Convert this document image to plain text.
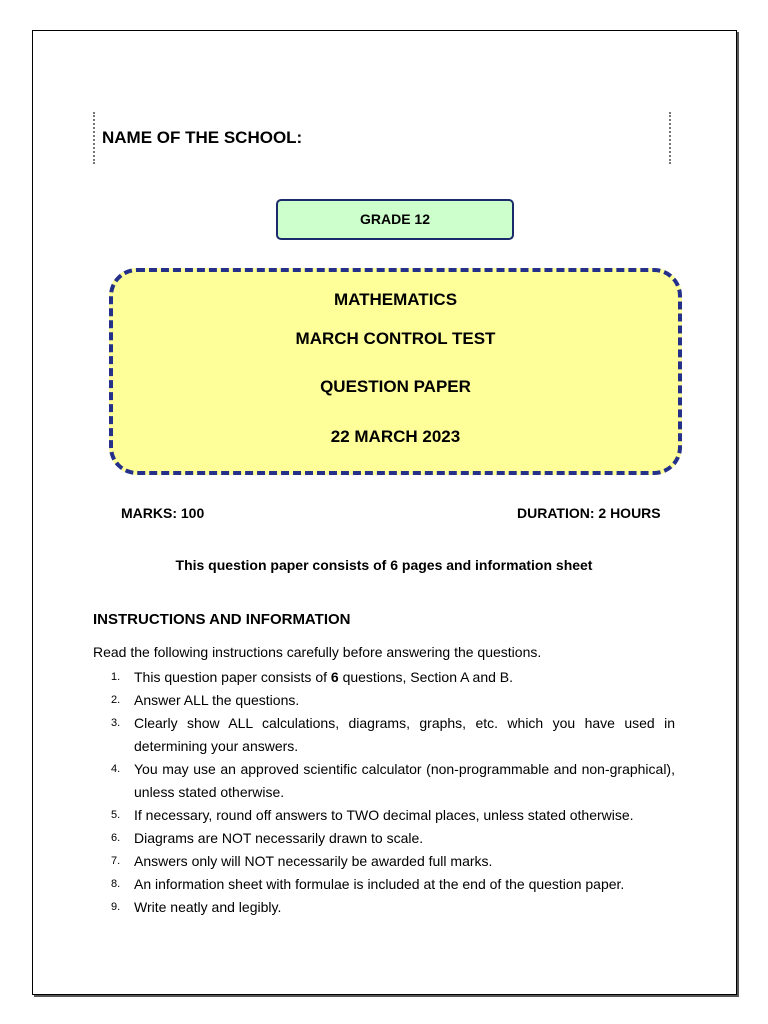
NAME OF THE SCHOOL:
GRADE 12
MATHEMATICS
MARCH CONTROL TEST
QUESTION PAPER
22 MARCH 2023
MARKS: 100	DURATION: 2 HOURS
This question paper consists of 6 pages and information sheet
INSTRUCTIONS AND INFORMATION
Read the following instructions carefully before answering the questions.
1. This question paper consists of 6 questions, Section A and B.
2. Answer ALL the questions.
3. Clearly show ALL calculations, diagrams, graphs, etc. which you have used in determining your answers.
4. You may use an approved scientific calculator (non-programmable and non-graphical), unless stated otherwise.
5. If necessary, round off answers to TWO decimal places, unless stated otherwise.
6. Diagrams are NOT necessarily drawn to scale.
7. Answers only will NOT necessarily be awarded full marks.
8. An information sheet with formulae is included at the end of the question paper.
9. Write neatly and legibly.
